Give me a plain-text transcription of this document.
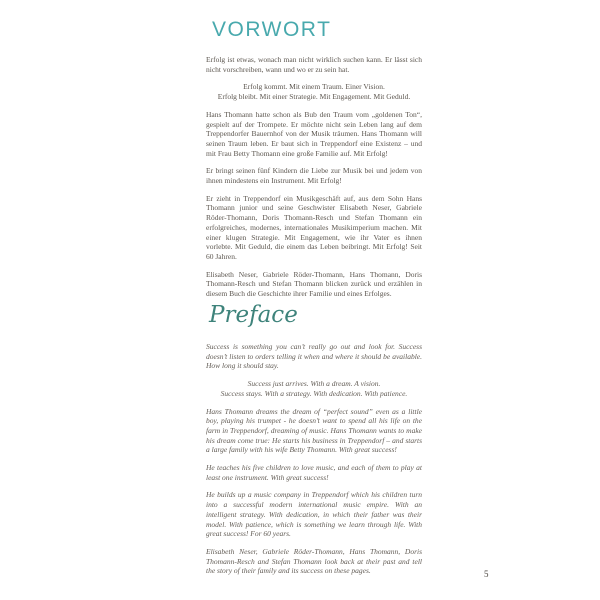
VORWORT

Erfolg ist etwas, wonach man nicht wirklich suchen kann. Er lässt sich nicht vorschreiben, wann und wo er zu sein hat.

Erfolg kommt. Mit einem Traum. Einer Vision.
Erfolg bleibt. Mit einer Strategie. Mit Engagement. Mit Geduld.

Hans Thomann hatte schon als Bub den Traum vom „goldenen Ton“, gespielt auf der Trompete. Er möchte nicht sein Leben lang auf dem Treppendorfer Bauernhof von der Musik träumen. Hans Thomann will seinen Traum leben. Er baut sich in Treppendorf eine Existenz – und mit Frau Betty Thomann eine große Familie auf. Mit Erfolg!

Er bringt seinen fünf Kindern die Liebe zur Musik bei und jedem von ihnen mindestens ein Instrument. Mit Erfolg!

Er zieht in Treppendorf ein Musikgeschäft auf, aus dem Sohn Hans Thomann junior und seine Geschwister Elisabeth Neser, Gabriele Röder-Thomann, Doris Thomann-Resch und Stefan Thomann ein erfolgreiches, modernes, internationales Musikimperium machen. Mit einer klugen Strategie. Mit Engagement, wie ihr Vater es ihnen vorlebte. Mit Geduld, die einem das Leben beibringt. Mit Erfolg! Seit 60 Jahren.

Elisabeth Neser, Gabriele Röder-Thomann, Hans Thomann, Doris Thomann-Resch und Stefan Thomann blicken zurück und erzählen in diesem Buch die Geschichte ihrer Familie und eines Erfolges.

Preface

Success is something you can’t really go out and look for. Success doesn’t listen to orders telling it when and where it should be available. How long it should stay.

Success just arrives. With a dream. A vision.
Success stays. With a strategy. With dedication. With patience.

Hans Thomann dreams the dream of “perfect sound” even as a little boy, playing his trumpet - he doesn’t want to spend all his life on the farm in Treppendorf, dreaming of music. Hans Thomann wants to make his dream come true: He starts his business in Treppendorf – and starts a large family with his wife Betty Thomann. With great success!

He teaches his five children to love music, and each of them to play at least one instrument. With great success!

He builds up a music company in Treppendorf which his children turn into a successful modern international music empire. With an intelligent strategy. With dedication, in which their father was their model. With patience, which is something we learn through life. With great success! For 60 years.

Elisabeth Neser, Gabriele Röder-Thomann, Hans Thomann, Doris Thomann-Resch and Stefan Thomann look back at their past and tell the story of their family and its success on these pages.	5
